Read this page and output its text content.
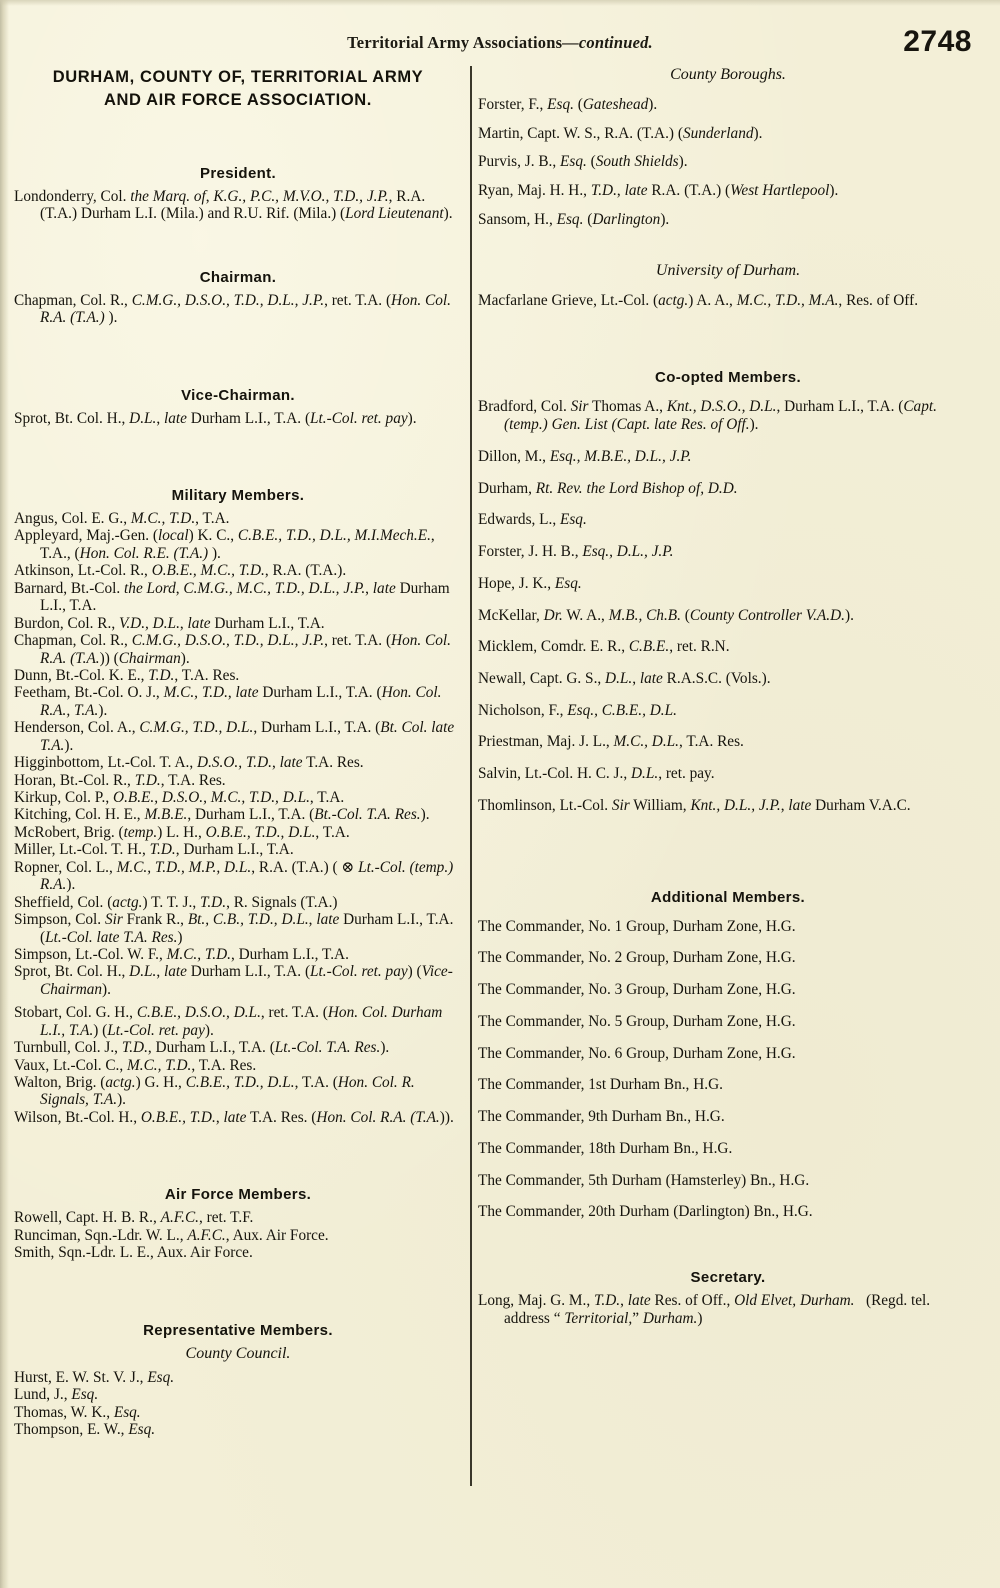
Territorial Army Associations—continued.	2748
DURHAM, COUNTY OF, TERRITORIAL ARMY
AND AIR FORCE ASSOCIATION.
President.

Londonderry, Col. the Marq. of, K.G., P.C., M.V.O., T.D., J.P., R.A. (T.A.) Durham L.I. (Mila.) and R.U. Rif. (Mila.) (Lord Lieutenant).

Chairman.

Chapman, Col. R., C.M.G., D.S.O., T.D., D.L., J.P., ret. T.A. (Hon. Col. R.A. (T.A.) ).

Vice-Chairman.

Sprot, Bt. Col. H., D.L., late Durham L.I., T.A. (Lt.-Col. ret. pay).

Military Members.

Angus, Col. E. G., M.C., T.D., T.A.

Appleyard, Maj.-Gen. (local) K. C., C.B.E., T.D., D.L., M.I.Mech.E., T.A., (Hon. Col. R.E. (T.A.) ).

Atkinson, Lt.-Col. R., O.B.E., M.C., T.D., R.A. (T.A.).

Barnard, Bt.-Col. the Lord, C.M.G., M.C., T.D., D.L., J.P., late Durham L.I., T.A.

Burdon, Col. R., V.D., D.L., late Durham L.I., T.A.

Chapman, Col. R., C.M.G., D.S.O., T.D., D.L., J.P., ret. T.A. (Hon. Col. R.A. (T.A.)) (Chairman).

Dunn, Bt.-Col. K. E., T.D., T.A. Res.

Feetham, Bt.-Col. O. J., M.C., T.D., late Durham L.I., T.A. (Hon. Col. R.A., T.A.).

Henderson, Col. A., C.M.G., T.D., D.L., Durham L.I., T.A. (Bt. Col. late T.A.).

Higginbottom, Lt.-Col. T. A., D.S.O., T.D., late T.A. Res.

Horan, Bt.-Col. R., T.D., T.A. Res.

Kirkup, Col. P., O.B.E., D.S.O., M.C., T.D., D.L., T.A.

Kitching, Col. H. E., M.B.E., Durham L.I., T.A. (Bt.-Col. T.A. Res.).

McRobert, Brig. (temp.) L. H., O.B.E., T.D., D.L., T.A.

Miller, Lt.-Col. T. H., T.D., Durham L.I., T.A.

Ropner, Col. L., M.C., T.D., M.P., D.L., R.A. (T.A.) ( ⊗ Lt.-Col. (temp.) R.A.).

Sheffield, Col. (actg.) T. T. J., T.D., R. Signals (T.A.)

Simpson, Col. Sir Frank R., Bt., C.B., T.D., D.L., late Durham L.I., T.A. (Lt.-Col. late T.A. Res.)

Simpson, Lt.-Col. W. F., M.C., T.D., Durham L.I., T.A.

Sprot, Bt. Col. H., D.L., late Durham L.I., T.A. (Lt.-Col. ret. pay) (Vice-Chairman).

Stobart, Col. G. H., C.B.E., D.S.O., D.L., ret. T.A. (Hon. Col. Durham L.I., T.A.) (Lt.-Col. ret. pay).

Turnbull, Col. J., T.D., Durham L.I., T.A. (Lt.-Col. T.A. Res.).

Vaux, Lt.-Col. C., M.C., T.D., T.A. Res.

Walton, Brig. (actg.) G. H., C.B.E., T.D., D.L., T.A. (Hon. Col. R. Signals, T.A.).

Wilson, Bt.-Col. H., O.B.E., T.D., late T.A. Res. (Hon. Col. R.A. (T.A.)).

Air Force Members.

Rowell, Capt. H. B. R., A.F.C., ret. T.F.

Runciman, Sqn.-Ldr. W. L., A.F.C., Aux. Air Force.

Smith, Sqn.-Ldr. L. E., Aux. Air Force.

Representative Members.
County Council.

Hurst, E. W. St. V. J., Esq.

Lund, J., Esq.

Thomas, W. K., Esq.

Thompson, E. W., Esq.

County Boroughs.

Forster, F., Esq. (Gateshead).

Martin, Capt. W. S., R.A. (T.A.) (Sunderland).

Purvis, J. B., Esq. (South Shields).

Ryan, Maj. H. H., T.D., late R.A. (T.A.) (West Hartlepool).

Sansom, H., Esq. (Darlington).

University of Durham.

Macfarlane Grieve, Lt.-Col. (actg.) A. A., M.C., T.D., M.A., Res. of Off.

Co-opted Members.

Bradford, Col. Sir Thomas A., Knt., D.S.O., D.L., Durham L.I., T.A. (Capt. (temp.) Gen. List (Capt. late Res. of Off.).

Dillon, M., Esq., M.B.E., D.L., J.P.

Durham, Rt. Rev. the Lord Bishop of, D.D.

Edwards, L., Esq.

Forster, J. H. B., Esq., D.L., J.P.

Hope, J. K., Esq.

McKellar, Dr. W. A., M.B., Ch.B. (County Controller V.A.D.).

Micklem, Comdr. E. R., C.B.E., ret. R.N.

Newall, Capt. G. S., D.L., late R.A.S.C. (Vols.).

Nicholson, F., Esq., C.B.E., D.L.

Priestman, Maj. J. L., M.C., D.L., T.A. Res.

Salvin, Lt.-Col. H. C. J., D.L., ret. pay.

Thomlinson, Lt.-Col. Sir William, Knt., D.L., J.P., late Durham V.A.C.

Additional Members.

The Commander, No. 1 Group, Durham Zone, H.G.

The Commander, No. 2 Group, Durham Zone, H.G.

The Commander, No. 3 Group, Durham Zone, H.G.

The Commander, No. 5 Group, Durham Zone, H.G.

The Commander, No. 6 Group, Durham Zone, H.G.

The Commander, 1st Durham Bn., H.G.

The Commander, 9th Durham Bn., H.G.

The Commander, 18th Durham Bn., H.G.

The Commander, 5th Durham (Hamsterley) Bn., H.G.

The Commander, 20th Durham (Darlington) Bn., H.G.

Secretary.

Long, Maj. G. M., T.D., late Res. of Off., Old Elvet, Durham.   (Regd. tel. address “ Territorial,” Durham.)
